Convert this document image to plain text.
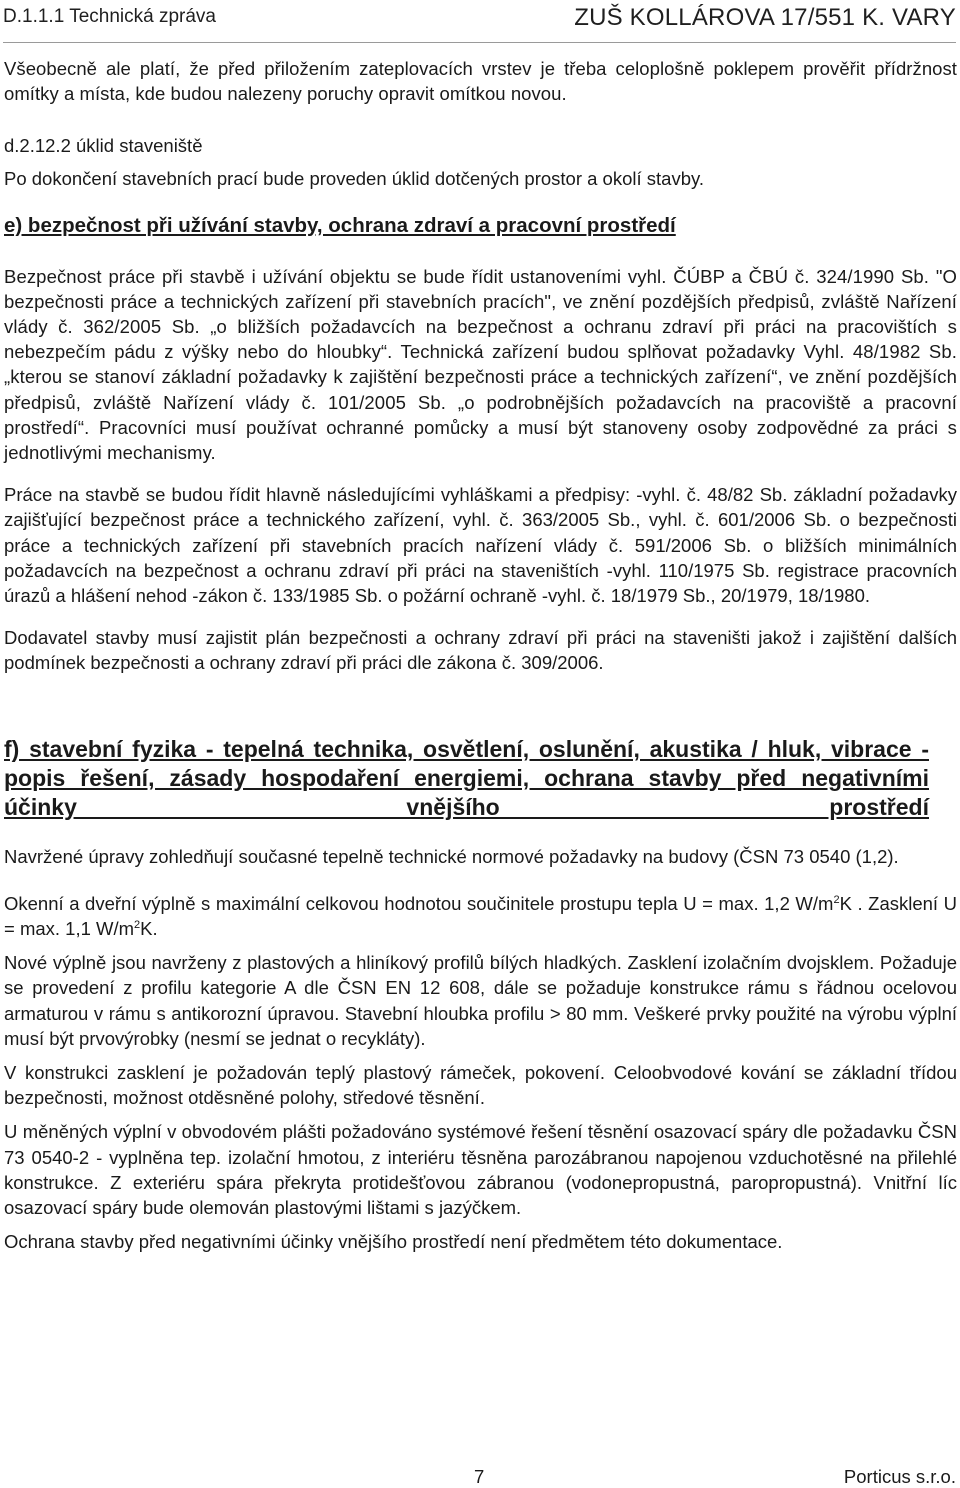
D.1.1.1 Technická zpráva	ZUŠ KOLLÁROVA 17/551 K. VARY

Všeobecně ale platí, že před přiložením zateplovacích vrstev je třeba celoplošně poklepem prověřit přídržnost omítky a místa, kde budou nalezeny poruchy opravit omítkou novou.

d.2.12.2 úklid staveniště

Po dokončení stavebních prací bude proveden úklid dotčených prostor a okolí stavby.

e) bezpečnost při užívání stavby, ochrana zdraví a pracovní prostředí

Bezpečnost práce při stavbě i užívání objektu se bude řídit ustanoveními vyhl. ČÚBP a ČBÚ č. 324/1990 Sb. "O bezpečnosti práce a technických zařízení při stavebních pracích", ve znění pozdějších předpisů, zvláště Nařízení vlády č. 362/2005 Sb. „o bližších požadavcích na bezpečnost a ochranu zdraví při práci na pracovištích s nebezpečím pádu z výšky nebo do hloubky“. Technická zařízení budou splňovat požadavky Vyhl. 48/1982 Sb. „kterou se stanoví základní požadavky k zajištění bezpečnosti práce a technických zařízení“, ve znění pozdějších předpisů, zvláště Nařízení vlády č. 101/2005 Sb. „o podrobnějších požadavcích na pracoviště a pracovní prostředí“. Pracovníci musí používat ochranné pomůcky a musí být stanoveny osoby zodpovědné za práci s jednotlivými mechanismy.

Práce na stavbě se budou řídit hlavně následujícími vyhláškami a předpisy: -vyhl. č. 48/82 Sb. základní požadavky zajišťující bezpečnost práce a technického zařízení, vyhl. č. 363/2005 Sb., vyhl. č. 601/2006 Sb. o bezpečnosti práce a technických zařízení při stavebních pracích nařízení vlády č. 591/2006 Sb. o bližších minimálních požadavcích na bezpečnost a ochranu zdraví při práci na staveništích -vyhl. 110/1975 Sb. registrace pracovních úrazů a hlášení nehod -zákon č. 133/1985 Sb. o požární ochraně -vyhl. č. 18/1979 Sb., 20/1979, 18/1980.

Dodavatel stavby musí zajistit plán bezpečnosti a ochrany zdraví při práci na staveništi jakož i zajištění dalších podmínek bezpečnosti a ochrany zdraví při práci dle zákona č. 309/2006.

f) stavební fyzika - tepelná technika, osvětlení, oslunění, akustika / hluk, vibrace - popis řešení, zásady hospodaření energiemi, ochrana stavby před negativními účinky vnějšího prostředí

Navržené úpravy zohledňují současné tepelně technické normové požadavky na budovy (ČSN 73 0540 (1,2).

Okenní a dveřní výplně s maximální celkovou hodnotou součinitele prostupu tepla U = max. 1,2 $W/m^2K$ . Zasklení U = max. 1,1 $W/m^2K$.

Nové výplně jsou navrženy z plastových a hliníkový profilů bílých hladkých. Zasklení izolačním dvojsklem. Požaduje se provedení z profilu kategorie A dle ČSN EN 12 608, dále se požaduje konstrukce rámu s řádnou ocelovou armaturou v rámu s antikorozní úpravou. Stavební hloubka profilu > 80 mm. Veškeré prvky použité na výrobu výplní musí být prvovýrobky (nesmí se jednat o recykláty).

V konstrukci zasklení je požadován teplý plastový rámeček, pokovení. Celoobvodové kování se základní třídou bezpečnosti, možnost otděsněné polohy, středové těsnění.

U měněných výplní v obvodovém plášti požadováno systémové řešení těsnění osazovací spáry dle požadavku ČSN 73 0540-2 - vyplněna tep. izolační hmotou, z interiéru těsněna parozábranou napojenou vzduchotěsné na přilehlé konstrukce. Z exteriéru spára překryta protidešťovou zábranou (vodonepropustná, paropropustná). Vnitřní líc osazovací spáry bude olemován plastovými lištami s jazýčkem.

Ochrana stavby před negativními účinky vnějšího prostředí není předmětem této dokumentace.

7	Porticus s.r.o.
